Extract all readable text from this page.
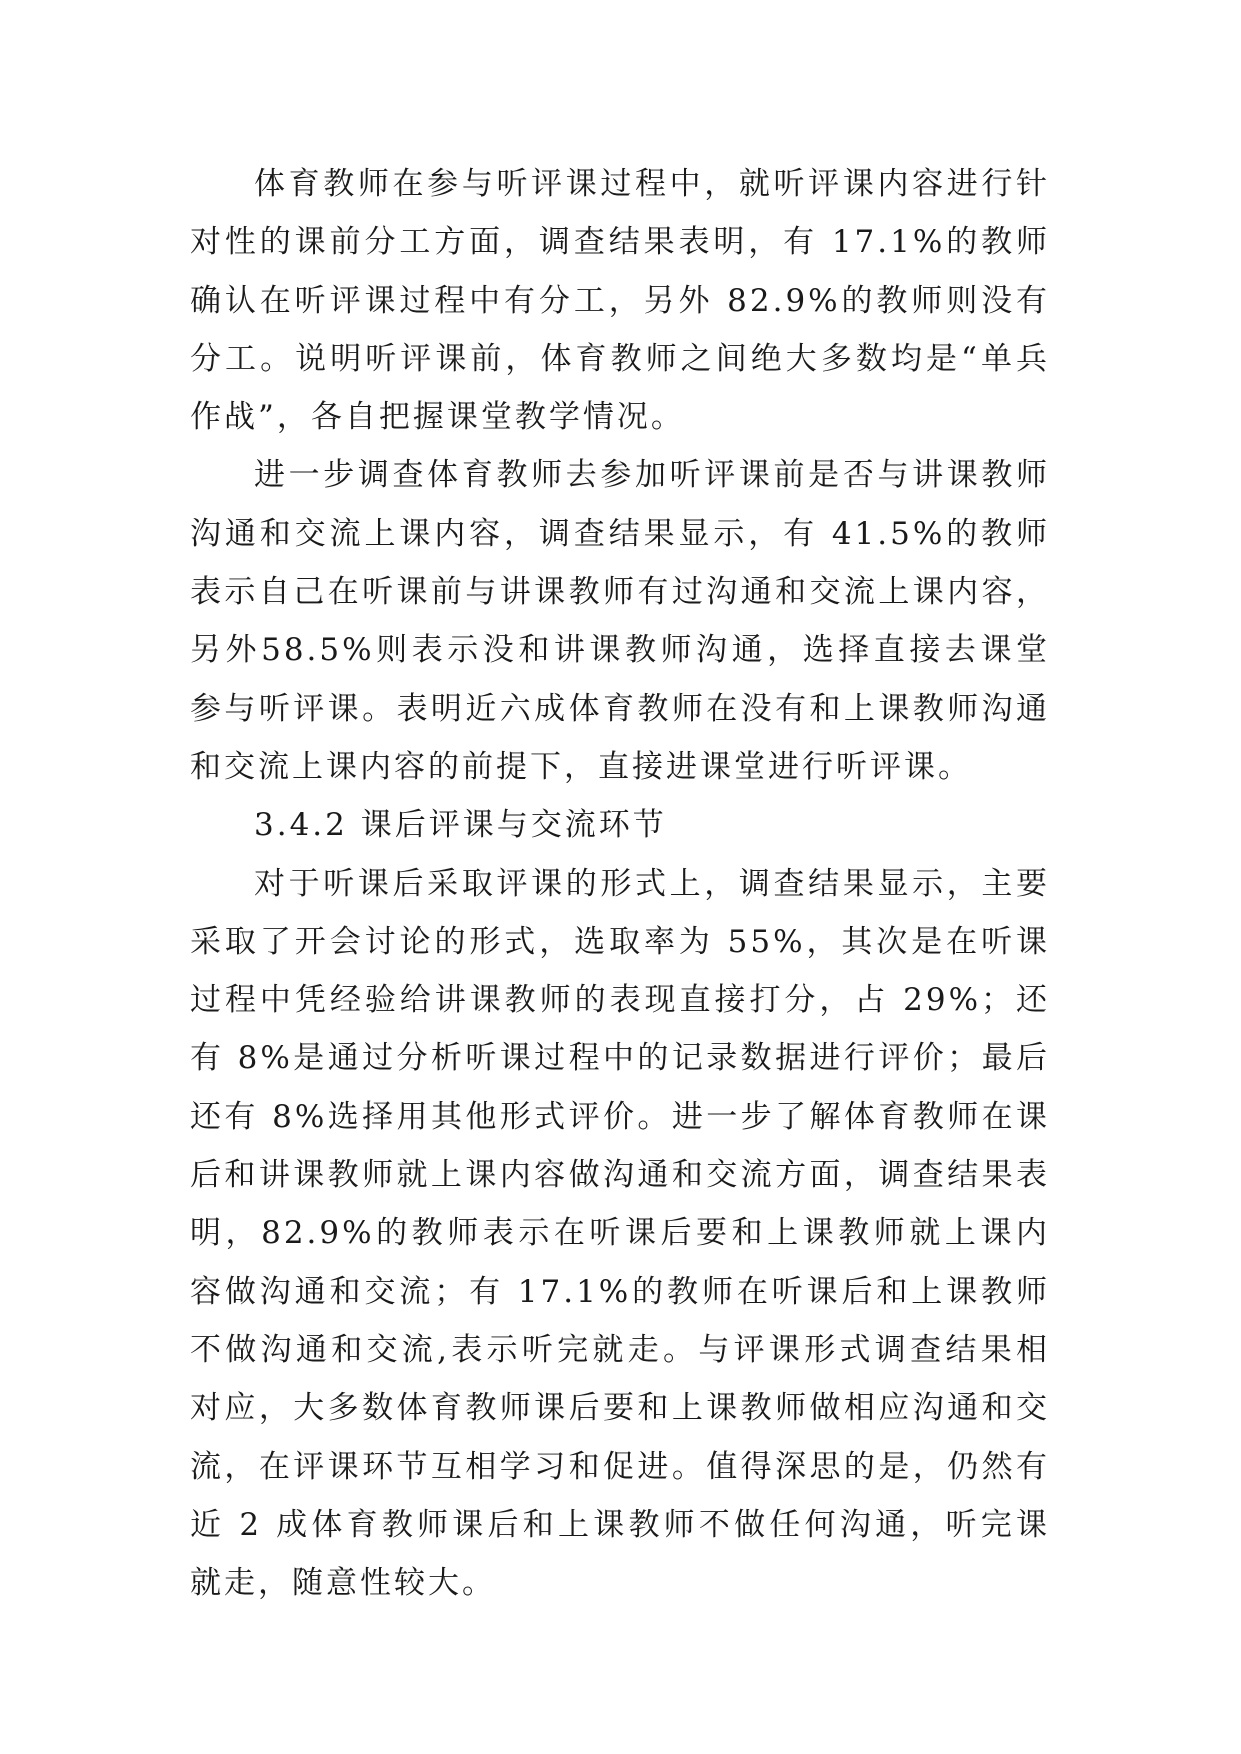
体育教师在参与听评课过程中，就听评课内容进行针对性的课前分工方面，调查结果表明，有 17.1%的教师确认在听评课过程中有分工，另外 82.9%的教师则没有分工。说明听评课前，体育教师之间绝大多数均是“单兵作战”，各自把握课堂教学情况。

进一步调查体育教师去参加听评课前是否与讲课教师沟通和交流上课内容，调查结果显示，有 41.5%的教师表示自己在听课前与讲课教师有过沟通和交流上课内容，另外58.5%则表示没和讲课教师沟通，选择直接去课堂参与听评课。表明近六成体育教师在没有和上课教师沟通和交流上课内容的前提下，直接进课堂进行听评课。

3.4.2 课后评课与交流环节

对于听课后采取评课的形式上，调查结果显示，主要采取了开会讨论的形式，选取率为 55%，其次是在听课过程中凭经验给讲课教师的表现直接打分，占 29%；还有 8%是通过分析听课过程中的记录数据进行评价；最后还有 8%选择用其他形式评价。进一步了解体育教师在课后和讲课教师就上课内容做沟通和交流方面，调查结果表明，82.9%的教师表示在听课后要和上课教师就上课内容做沟通和交流；有 17.1%的教师在听课后和上课教师不做沟通和交流,表示听完就走。与评课形式调查结果相对应，大多数体育教师课后要和上课教师做相应沟通和交流，在评课环节互相学习和促进。值得深思的是，仍然有近 2 成体育教师课后和上课教师不做任何沟通，听完课就走，随意性较大。
